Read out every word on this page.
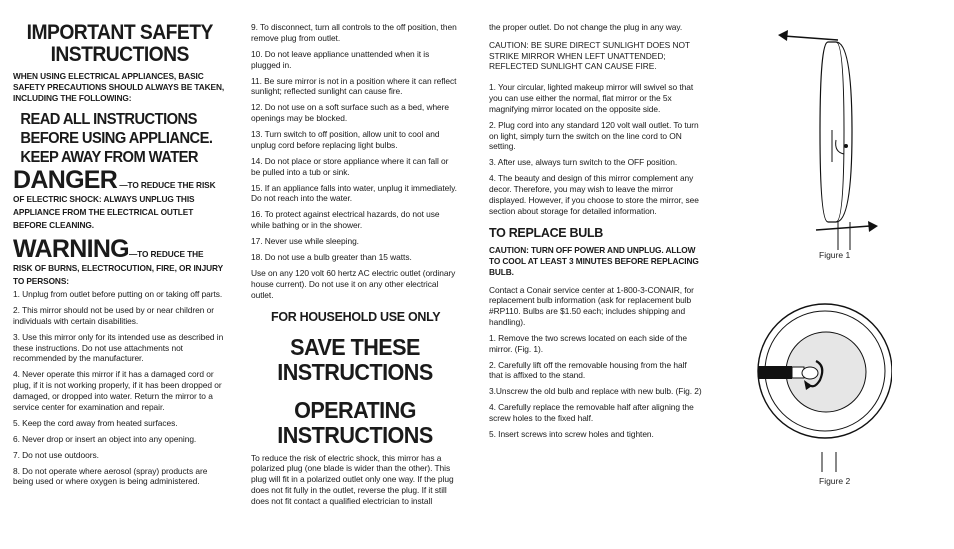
IMPORTANT SAFETY INSTRUCTIONS
WHEN USING ELECTRICAL APPLIANCES, BASIC SAFETY PRECAUTIONS SHOULD ALWAYS BE TAKEN, INCLUDING THE FOLLOWING:
READ ALL INSTRUCTIONS BEFORE USING APPLIANCE.
KEEP AWAY FROM WATER
DANGER —TO REDUCE THE RISK OF ELECTRIC SHOCK: ALWAYS UNPLUG THIS APPLIANCE FROM THE ELECTRICAL OUTLET BEFORE CLEANING.
WARNING—TO REDUCE THE RISK OF BURNS, ELECTROCUTION, FIRE, OR INJURY TO PERSONS:

1. Unplug from outlet before putting on or taking off parts.

2. This mirror should not be used by or near children or individuals with certain disabilities.

3. Use this mirror only for its intended use as described in these instructions. Do not use attachments not recommended by the manufacturer.

4. Never operate this mirror if it has a damaged cord or plug, if it is not working properly, if it has been dropped or damaged, or dropped into water. Return the mirror to a service center for examination and repair.

5. Keep the cord away from heated surfaces.

6. Never drop or insert an object into any opening.

7. Do not use outdoors.

8. Do not operate where aerosol (spray) products are being used or where oxygen is being administered.

9. To disconnect, turn all controls to the off position, then remove plug from outlet.

10. Do not leave appliance unattended when it is plugged in.

11. Be sure mirror is not in a position where it can reflect sunlight; reflected sunlight can cause fire.

12. Do not use on a soft surface such as a bed, where openings may be blocked.

13. Turn switch to off position, allow unit to cool and unplug cord before replacing light bulbs.

14. Do not place or store appliance where it can fall or be pulled into a tub or sink.

15. If an appliance falls into water, unplug it immediately. Do not reach into the water.

16. To protect against electrical hazards, do not use while bathing or in the shower.

17. Never use while sleeping.

18. Do not use a bulb greater than 15 watts.

Use on any 120 volt 60 hertz AC electric outlet (ordinary house current). Do not use it on any other electrical outlet.

FOR HOUSEHOLD USE ONLY
SAVE THESE INSTRUCTIONS
OPERATING INSTRUCTIONS

To reduce the risk of electric shock, this mirror has a polarized plug (one blade is wider than the other). This plug will fit in a polarized outlet only one way. If the plug does not fit fully in the outlet, reverse the plug. If it still does not fit contact a qualified electrician to install

the proper outlet. Do not change the plug in any way.

CAUTION: BE SURE DIRECT SUNLIGHT DOES NOT STRIKE MIRROR WHEN LEFT UNATTENDED; REFLECTED SUNLIGHT CAN CAUSE FIRE.

1. Your circular, lighted makeup mirror will swivel so that you can use either the normal, flat mirror or the 5x magnifying mirror located on the opposite side.

2. Plug cord into any standard 120 volt wall outlet. To turn on light, simply turn the switch on the line cord to ON setting.

3. After use, always turn switch to the OFF position.

4. The beauty and design of this mirror complement any decor. Therefore, you may wish to leave the mirror displayed. However, if you choose to store the mirror, see section about storage for detailed information.

TO REPLACE BULB
CAUTION: TURN OFF POWER AND UNPLUG. ALLOW TO COOL AT LEAST 3 MINUTES BEFORE REPLACING BULB.

Contact a Conair service center at 1-800-3-CONAIR, for replacement bulb information (ask for replacement bulb #RP110. Bulbs are $1.50 each; includes shipping and handling).

1. Remove the two screws located on each side of the mirror. (Fig. 1).

2. Carefully lift off the removable housing from the half that is affixed to the stand.

3.Unscrew the old bulb and replace with new bulb. (Fig. 2)

4. Carefully replace the removable half after aligning the screw holes to the fixed half.

5. Insert screws into screw holes and tighten.

Figure 1
Figure 2
